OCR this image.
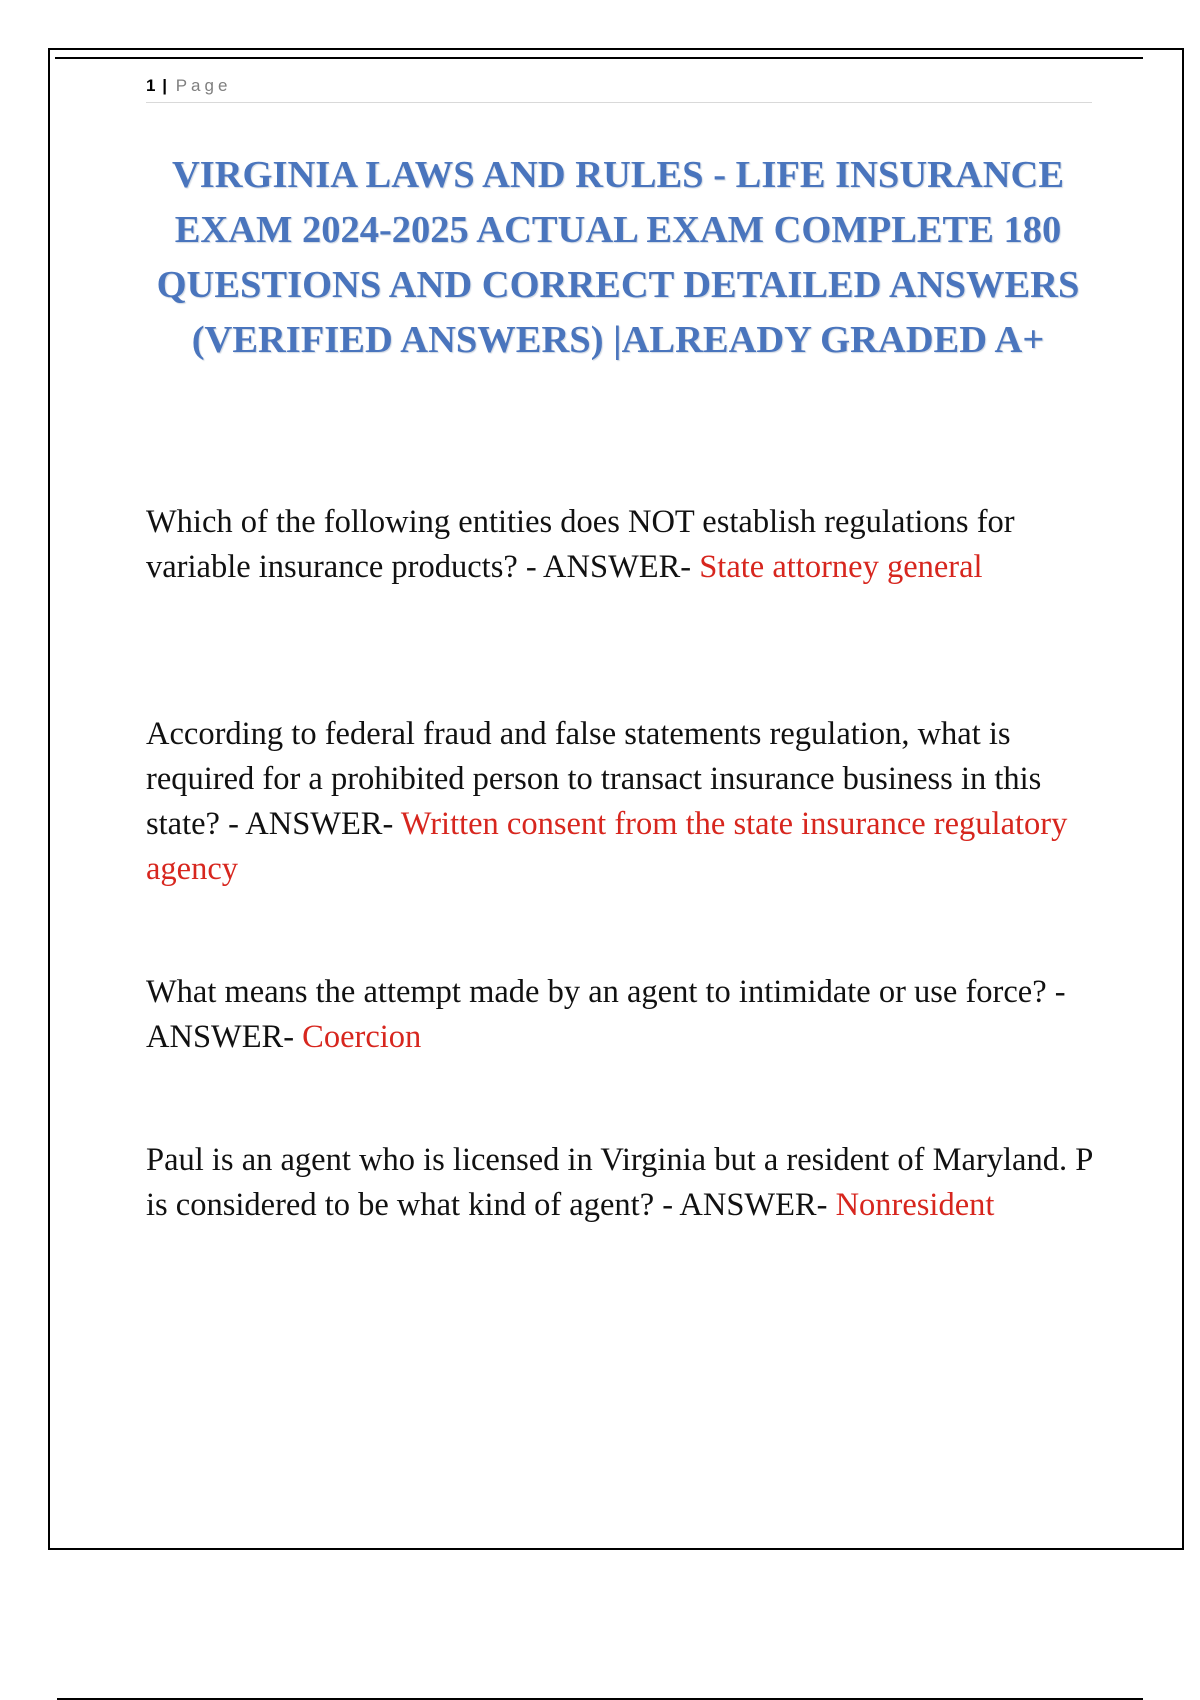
1 | Page
VIRGINIA LAWS AND RULES - LIFE INSURANCE EXAM 2024-2025 ACTUAL EXAM COMPLETE 180 QUESTIONS AND CORRECT DETAILED ANSWERS (VERIFIED ANSWERS) |ALREADY GRADED A+

Which of the following entities does NOT establish regulations for variable insurance products? - ANSWER- State attorney general

According to federal fraud and false statements regulation, what is required for a prohibited person to transact insurance business in this state? - ANSWER- Written consent from the state insurance regulatory agency

What means the attempt made by an agent to intimidate or use force? - ANSWER- Coercion

Paul is an agent who is licensed in Virginia but a resident of Maryland. P is considered to be what kind of agent? - ANSWER- Nonresident
